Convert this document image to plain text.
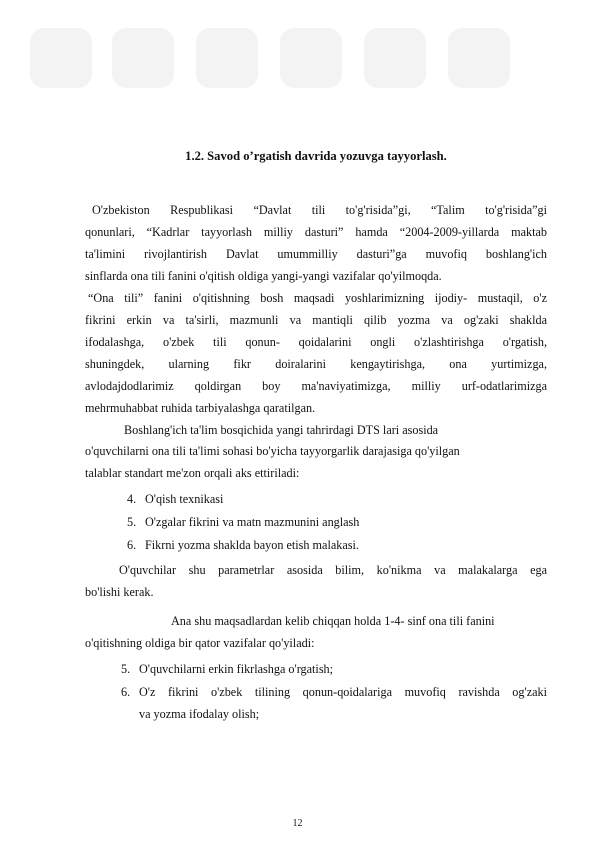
1.2. Savod o’rgatish davrida yozuvga tayyorlash.
O'zbekiston Respublikasi “Davlat tili to'g'risida”gi, “Talim to'g'risida”gi
qonunlari, “Kadrlar tayyorlash milliy dasturi” hamda “2004-2009-yillarda maktab
ta'limini rivojlantirish Davlat umummilliy dasturi”ga muvofiq boshlang'ich
sinflarda ona tili fanini o'qitish oldiga yangi-yangi vazifalar qo'yilmoqda.
“Ona tili” fanini o'qitishning bosh maqsadi yoshlarimizning ijodiy- mustaqil, o'z
fikrini erkin va ta'sirli, mazmunli va mantiqli qilib yozma va og'zaki shaklda
ifodalashga, o'zbek tili qonun- qoidalarini ongli o'zlashtirishga o'rgatish,
shuningdek, ularning fikr doiralarini kengaytirishga, ona yurtimizga,
avlodajdodlarimiz qoldirgan boy ma'naviyatimizga, milliy urf-odatlarimizga
mehrmuhabbat ruhida tarbiyalashga qaratilgan.
Boshlang'ich ta'lim bosqichida yangi tahrirdagi DTS lari asosida
o'quvchilarni ona tili ta'limi sohasi bo'yicha tayyorgarlik darajasiga qo'yilgan
talablar standart me'zon orqali aks ettiriladi:
4. O'qish texnikasi
5. O'zgalar fikrini va matn mazmunini anglash
6. Fikrni yozma shaklda bayon etish malakasi.
O'quvchilar shu parametrlar asosida bilim, ko'nikma va malakalarga ega
bo'lishi kerak.
Ana shu maqsadlardan kelib chiqqan holda 1-4- sinf ona tili fanini
o'qitishning oldiga bir qator vazifalar qo'yiladi:
5. O'quvchilarni erkin fikrlashga o'rgatish;
6. O'z fikrini o'zbek tilining qonun-qoidalariga muvofiq ravishda og'zaki
va yozma ifodalay olish;
12
